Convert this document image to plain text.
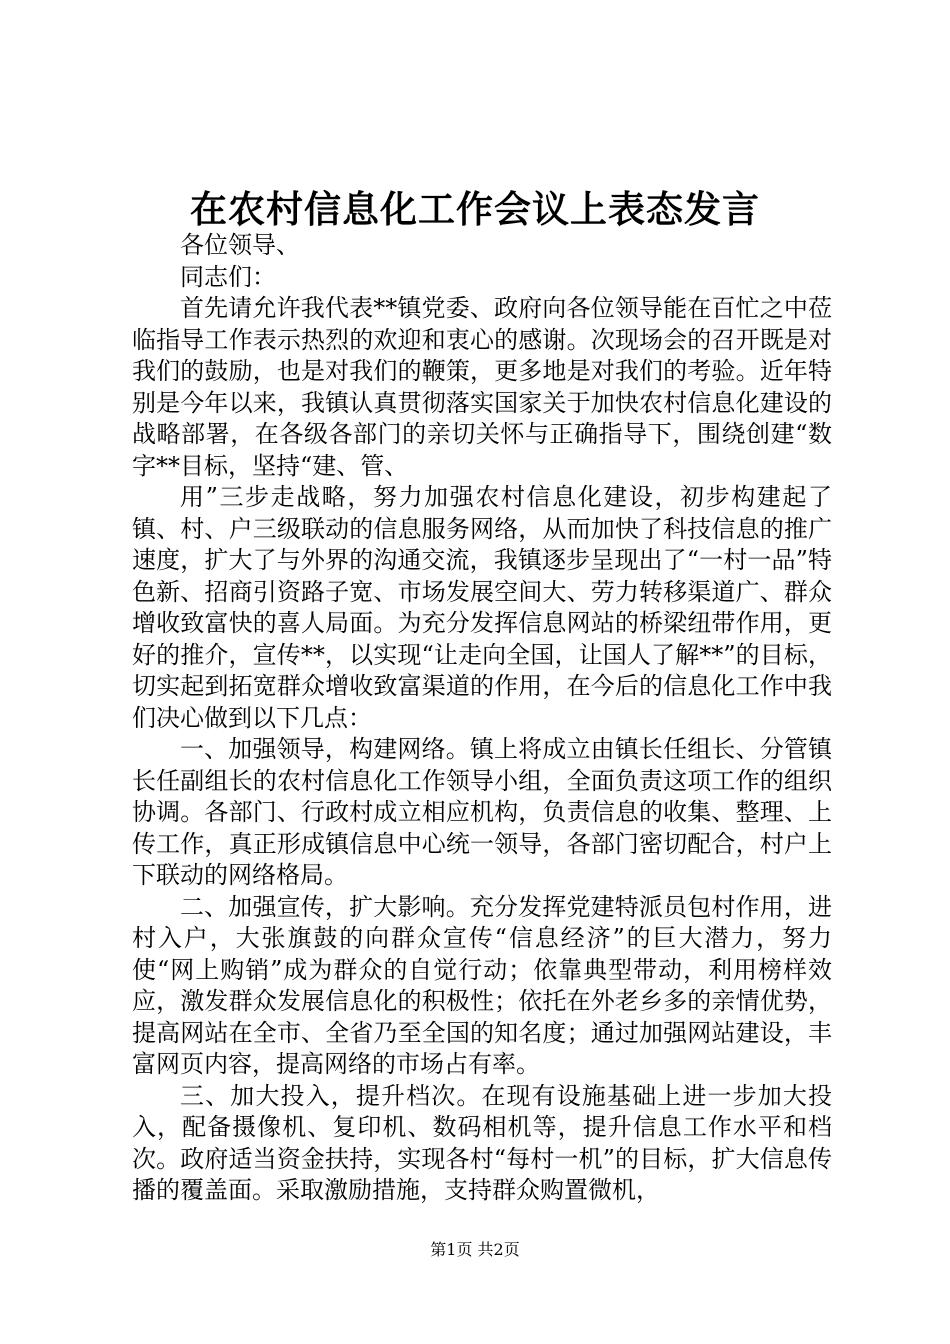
在农村信息化工作会议上表态发言

各位领导、

同志们：

首先请允许我代表**镇党委、政府向各位领导能在百忙之中莅临指导工作表示热烈的欢迎和衷心的感谢。次现场会的召开既是对我们的鼓励，也是对我们的鞭策，更多地是对我们的考验。近年特别是今年以来，我镇认真贯彻落实国家关于加快农村信息化建设的战略部署，在各级各部门的亲切关怀与正确指导下，围绕创建“数字**目标，坚持“建、管、

用”三步走战略，努力加强农村信息化建设，初步构建起了镇、村、户三级联动的信息服务网络，从而加快了科技信息的推广速度，扩大了与外界的沟通交流，我镇逐步呈现出了“一村一品”特色新、招商引资路子宽、市场发展空间大、劳力转移渠道广、群众增收致富快的喜人局面。为充分发挥信息网站的桥梁纽带作用，更好的推介，宣传**，以实现“让走向全国，让国人了解**”的目标，切实起到拓宽群众增收致富渠道的作用，在今后的信息化工作中我们决心做到以下几点：

一、加强领导，构建网络。镇上将成立由镇长任组长、分管镇长任副组长的农村信息化工作领导小组，全面负责这项工作的组织协调。各部门、行政村成立相应机构，负责信息的收集、整理、上传工作，真正形成镇信息中心统一领导，各部门密切配合，村户上下联动的网络格局。

二、加强宣传，扩大影响。充分发挥党建特派员包村作用，进村入户，大张旗鼓的向群众宣传“信息经济”的巨大潜力，努力使“网上购销”成为群众的自觉行动；依靠典型带动，利用榜样效应，激发群众发展信息化的积极性；依托在外老乡多的亲情优势，提高网站在全市、全省乃至全国的知名度；通过加强网站建设，丰富网页内容，提高网络的市场占有率。

三、加大投入，提升档次。在现有设施基础上进一步加大投入，配备摄像机、复印机、数码相机等，提升信息工作水平和档次。政府适当资金扶持，实现各村“每村一机”的目标，扩大信息传播的覆盖面。采取激励措施，支持群众购置微机，

第1页 共2页
